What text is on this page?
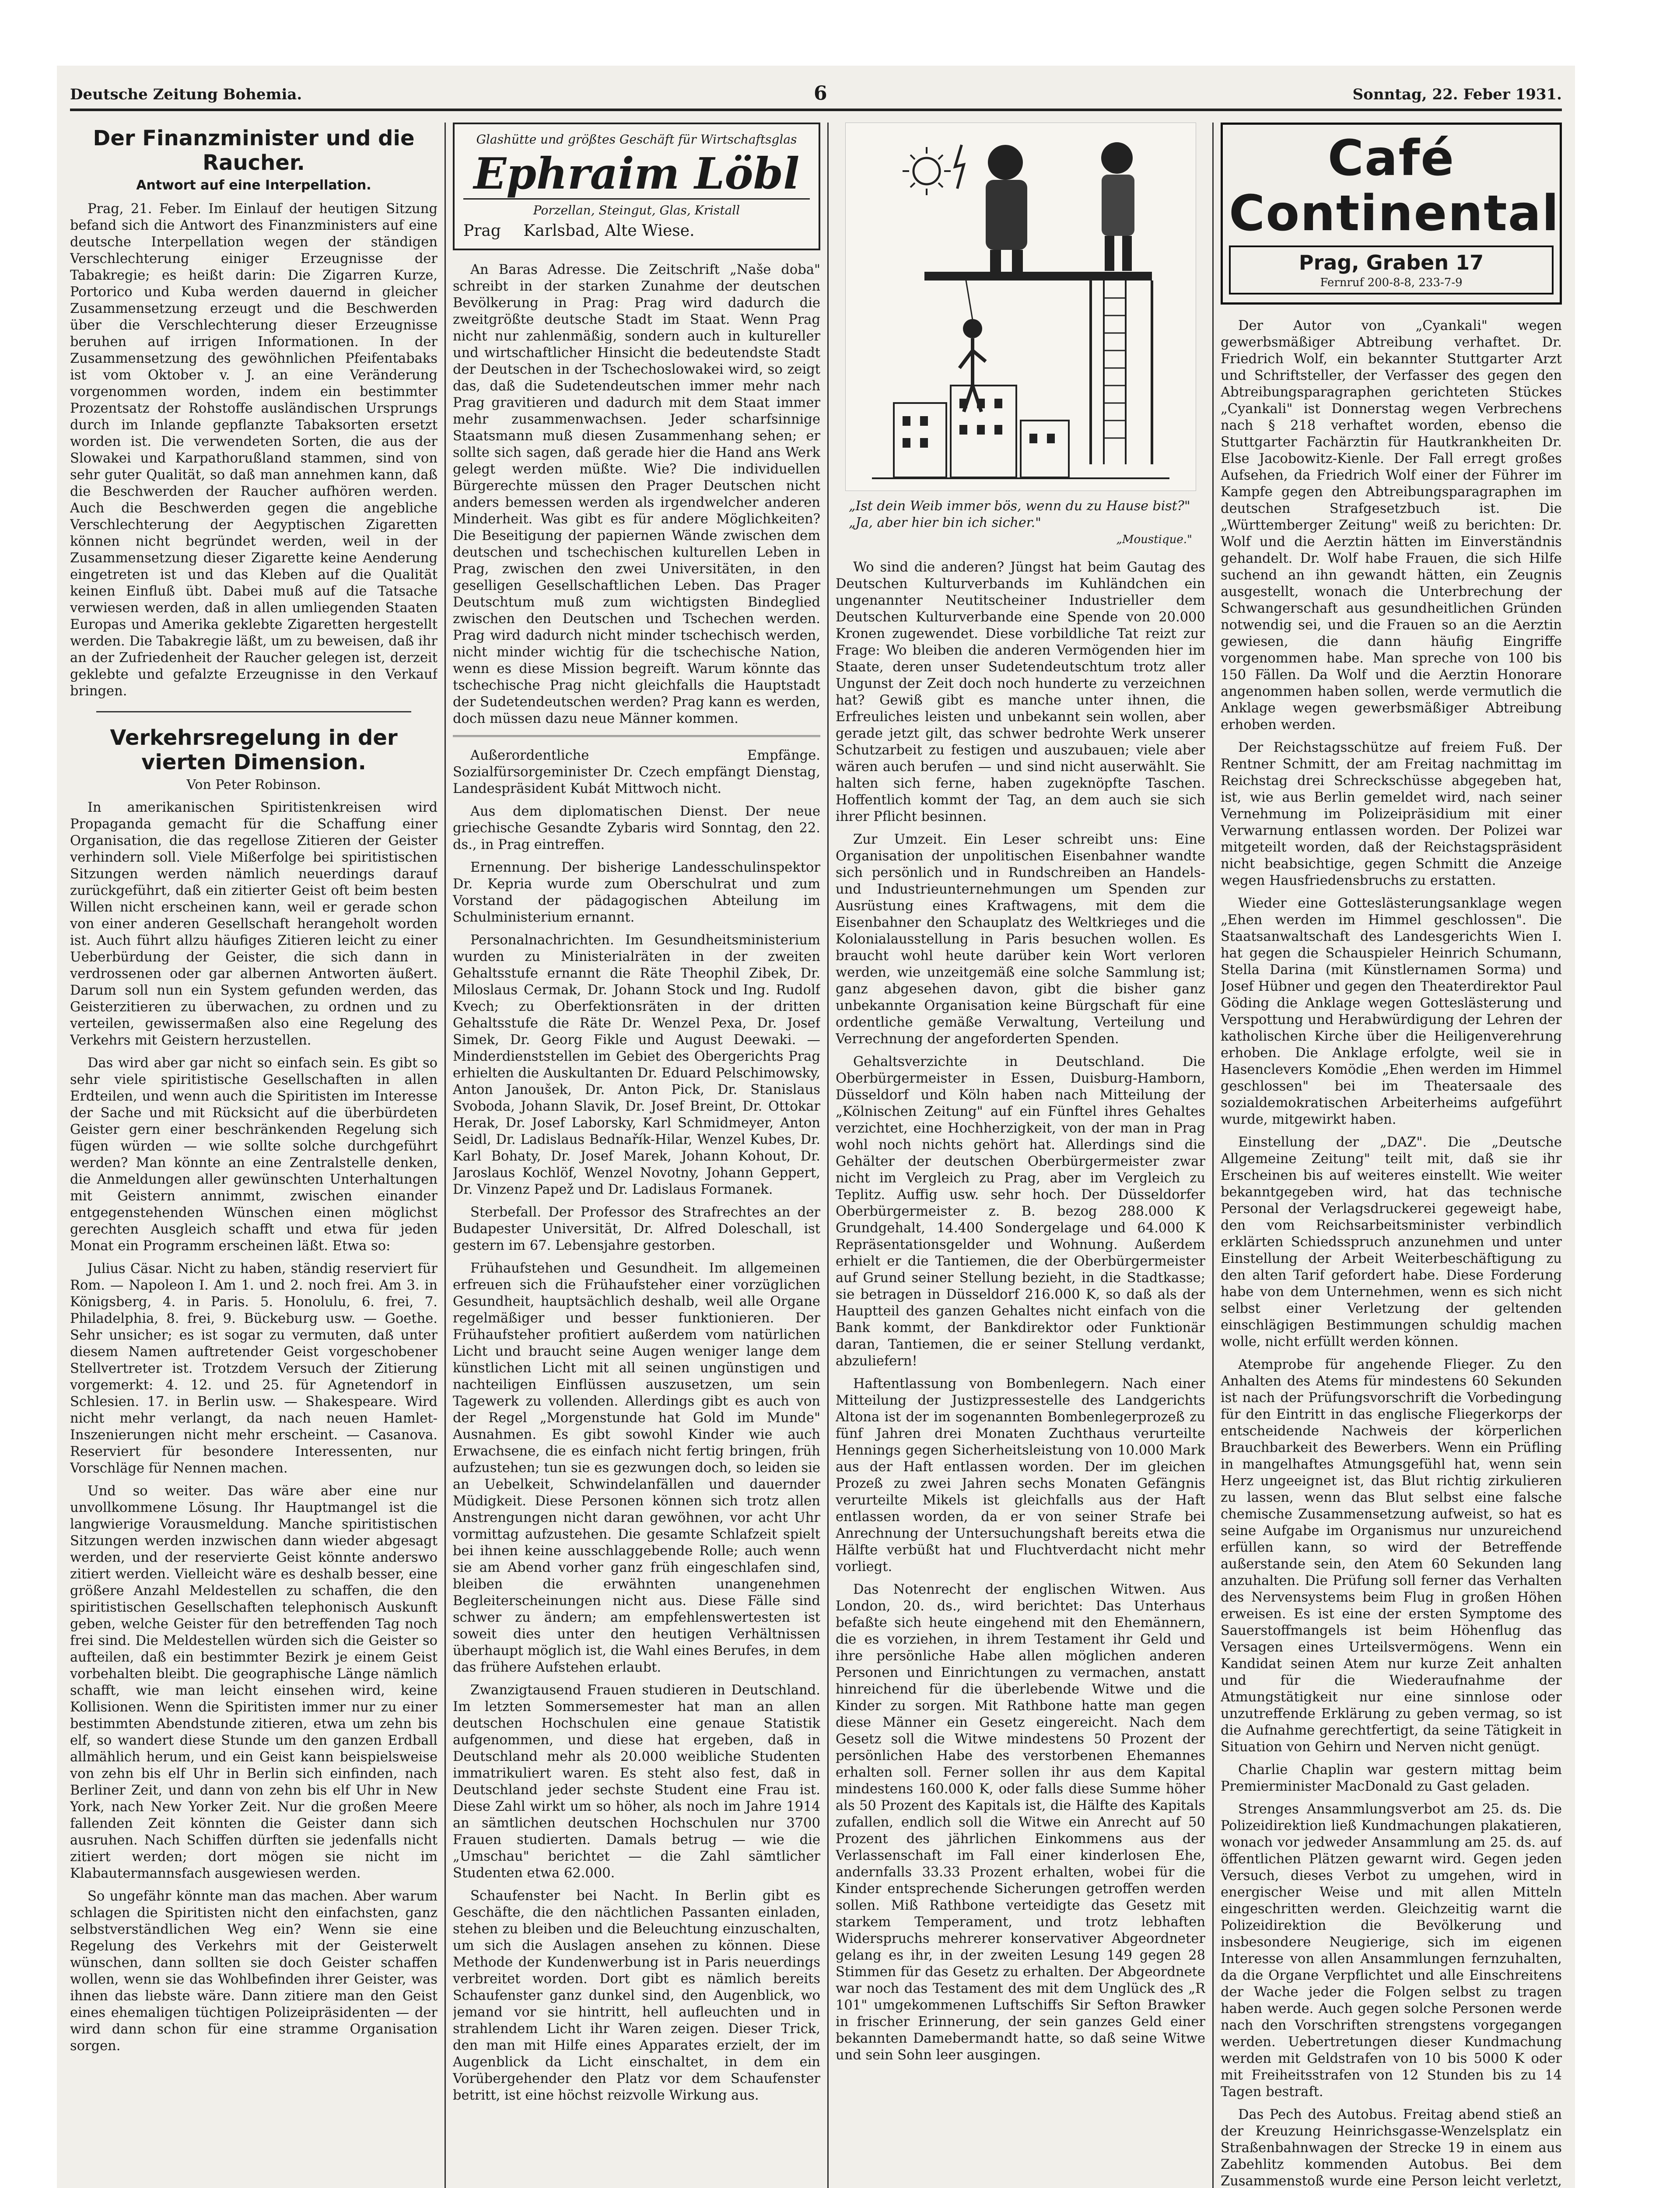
Deutsche Zeitung Bohemia.	6	Sonntag, 22. Feber 1931.
Der Finanzminister und die Raucher.
Antwort auf eine Interpellation.

Prag, 21. Feber. Im Einlauf der heutigen Sitzung befand sich die Antwort des Finanzministers auf eine deutsche Interpellation wegen der ständigen Verschlechterung einiger Erzeugnisse der Tabakregie; es heißt darin: Die Zigarren Kurze, Portorico und Kuba werden dauernd in gleicher Zusammensetzung erzeugt und die Beschwerden über die Verschlechterung dieser Erzeugnisse beruhen auf irrigen Informationen. In der Zusammensetzung des gewöhnlichen Pfeifentabaks ist vom Oktober v. J. an eine Veränderung vorgenommen worden, indem ein bestimmter Prozentsatz der Rohstoffe ausländischen Ursprungs durch im Inlande gepflanzte Tabaksorten ersetzt worden ist. Die verwendeten Sorten, die aus der Slowakei und Karpathorußland stammen, sind von sehr guter Qualität, so daß man annehmen kann, daß die Beschwerden der Raucher aufhören werden. Auch die Beschwerden gegen die angebliche Verschlechterung der Aegyptischen Zigaretten können nicht begründet werden, weil in der Zusammensetzung dieser Zigarette keine Aenderung eingetreten ist und das Kleben auf die Qualität keinen Einfluß übt. Dabei muß auf die Tatsache verwiesen werden, daß in allen umliegenden Staaten Europas und Amerika geklebte Zigaretten hergestellt werden. Die Tabakregie läßt, um zu beweisen, daß ihr an der Zufriedenheit der Raucher gelegen ist, derzeit geklebte und gefalzte Erzeugnisse in den Verkauf bringen.

Verkehrsregelung in der vierten Dimension.
Von Peter Robinson.

In amerikanischen Spiritistenkreisen wird Propaganda gemacht für die Schaffung einer Organisation, die das regellose Zitieren der Geister verhindern soll. Viele Mißerfolge bei spiritistischen Sitzungen werden nämlich neuerdings darauf zurückgeführt, daß ein zitierter Geist oft beim besten Willen nicht erscheinen kann, weil er gerade schon von einer anderen Gesellschaft herangeholt worden ist. Auch führt allzu häufiges Zitieren leicht zu einer Ueberbürdung der Geister, die sich dann in verdrossenen oder gar albernen Antworten äußert. Darum soll nun ein System gefunden werden, das Geisterzitieren zu überwachen, zu ordnen und zu verteilen, gewissermaßen also eine Regelung des Verkehrs mit Geistern herzustellen.

Das wird aber gar nicht so einfach sein. Es gibt so sehr viele spiritistische Gesellschaften in allen Erdteilen, und wenn auch die Spiritisten im Interesse der Sache und mit Rücksicht auf die überbürdeten Geister gern einer beschränkenden Regelung sich fügen würden — wie sollte solche durchgeführt werden? Man könnte an eine Zentralstelle denken, die Anmeldungen aller gewünschten Unterhaltungen mit Geistern annimmt, zwischen einander entgegenstehenden Wünschen einen möglichst gerechten Ausgleich schafft und etwa für jeden Monat ein Programm erscheinen läßt. Etwa so:

Julius Cäsar. Nicht zu haben, ständig reserviert für Rom. — Napoleon I. Am 1. und 2. noch frei. Am 3. in Königsberg, 4. in Paris. 5. Honolulu, 6. frei, 7. Philadelphia, 8. frei, 9. Bückeburg usw. — Goethe. Sehr unsicher; es ist sogar zu vermuten, daß unter diesem Namen auftretender Geist vorgeschobener Stellvertreter ist. Trotzdem Versuch der Zitierung vorgemerkt: 4. 12. und 25. für Agnetendorf in Schlesien. 17. in Berlin usw. — Shakespeare. Wird nicht mehr verlangt, da nach neuen Hamlet-Inszenierungen nicht mehr erscheint. — Casanova. Reserviert für besondere Interessenten, nur Vorschläge für Nennen machen.

Und so weiter. Das wäre aber eine nur unvollkommene Lösung. Ihr Hauptmangel ist die langwierige Vorausmeldung. Manche spiritistischen Sitzungen werden inzwischen dann wieder abgesagt werden, und der reservierte Geist könnte anderswo zitiert werden. Vielleicht wäre es deshalb besser, eine größere Anzahl Meldestellen zu schaffen, die den spiritistischen Gesellschaften telephonisch Auskunft geben, welche Geister für den betreffenden Tag noch frei sind. Die Meldestellen würden sich die Geister so aufteilen, daß ein bestimmter Bezirk je einem Geist vorbehalten bleibt. Die geographische Länge nämlich schafft, wie man leicht einsehen wird, keine Kollisionen. Wenn die Spiritisten immer nur zu einer bestimmten Abendstunde zitieren, etwa um zehn bis elf, so wandert diese Stunde um den ganzen Erdball allmählich herum, und ein Geist kann beispielsweise von zehn bis elf Uhr in Berlin sich einfinden, nach Berliner Zeit, und dann von zehn bis elf Uhr in New York, nach New Yorker Zeit. Nur die großen Meere fallenden Zeit könnten die Geister dann sich ausruhen. Nach Schiffen dürften sie jedenfalls nicht zitiert werden; dort mögen sie nicht im Klabautermannsfach ausgewiesen werden.

So ungefähr könnte man das machen. Aber warum schlagen die Spiritisten nicht den einfachsten, ganz selbstverständlichen Weg ein? Wenn sie eine Regelung des Verkehrs mit der Geisterwelt wünschen, dann sollten sie doch Geister schaffen wollen, wenn sie das Wohlbefinden ihrer Geister, was ihnen das liebste wäre. Dann zitiere man den Geist eines ehemaligen tüchtigen Polizeipräsidenten — der wird dann schon für eine stramme Organisation sorgen.

Glashütte und größtes Geschäft für Wirtschaftsglas
Ephraim Löbl
Porzellan, Steingut, Glas, Kristall
Prag Karlsbad, Alte Wiese.

An Baras Adresse. Die Zeitschrift „Naše doba" schreibt in der starken Zunahme der deutschen Bevölkerung in Prag: Prag wird dadurch die zweitgrößte deutsche Stadt im Staat. Wenn Prag nicht nur zahlenmäßig, sondern auch in kultureller und wirtschaftlicher Hinsicht die bedeutendste Stadt der Deutschen in der Tschechoslowakei wird, so zeigt das, daß die Sudetendeutschen immer mehr nach Prag gravitieren und dadurch mit dem Staat immer mehr zusammenwachsen. Jeder scharfsinnige Staatsmann muß diesen Zusammenhang sehen; er sollte sich sagen, daß gerade hier die Hand ans Werk gelegt werden müßte. Wie? Die individuellen Bürgerechte müssen den Prager Deutschen nicht anders bemessen werden als irgendwelcher anderen Minderheit. Was gibt es für andere Möglichkeiten? Die Beseitigung der papiernen Wände zwischen dem deutschen und tschechischen kulturellen Leben in Prag, zwischen den zwei Universitäten, in den geselligen Gesellschaftlichen Leben. Das Prager Deutschtum muß zum wichtigsten Bindeglied zwischen den Deutschen und Tschechen werden. Prag wird dadurch nicht minder tschechisch werden, nicht minder wichtig für die tschechische Nation, wenn es diese Mission begreift. Warum könnte das tschechische Prag nicht gleichfalls die Hauptstadt der Sudetendeutschen werden? Prag kann es werden, doch müssen dazu neue Männer kommen.

Außerordentliche Empfänge. Sozialfürsorgeminister Dr. Czech empfängt Dienstag, Landespräsident Kubát Mittwoch nicht.

Aus dem diplomatischen Dienst. Der neue griechische Gesandte Zybaris wird Sonntag, den 22. ds., in Prag eintreffen.

Ernennung. Der bisherige Landesschulinspektor Dr. Kepria wurde zum Oberschulrat und zum Vorstand der pädagogischen Abteilung im Schulministerium ernannt.

Personalnachrichten. Im Gesundheitsministerium wurden zu Ministerialräten in der zweiten Gehaltsstufe ernannt die Räte Theophil Zibek, Dr. Miloslaus Cermak, Dr. Johann Stock und Ing. Rudolf Kvech; zu Oberfektionsräten in der dritten Gehaltsstufe die Räte Dr. Wenzel Pexa, Dr. Josef Simek, Dr. Georg Fikle und August Deewaki. — Minderdienststellen im Gebiet des Obergerichts Prag erhielten die Auskultanten Dr. Eduard Pelschimowsky, Anton Janoušek, Dr. Anton Pick, Dr. Stanislaus Svoboda, Johann Slavik, Dr. Josef Breint, Dr. Ottokar Herak, Dr. Josef Laborsky, Karl Schmidmeyer, Anton Seidl, Dr. Ladislaus Bednařík-Hilar, Wenzel Kubes, Dr. Karl Bohaty, Dr. Josef Marek, Johann Kohout, Dr. Jaroslaus Kochlöf, Wenzel Novotny, Johann Geppert, Dr. Vinzenz Papež und Dr. Ladislaus Formanek.

Sterbefall. Der Professor des Strafrechtes an der Budapester Universität, Dr. Alfred Doleschall, ist gestern im 67. Lebensjahre gestorben.

Frühaufstehen und Gesundheit. Im allgemeinen erfreuen sich die Frühaufsteher einer vorzüglichen Gesundheit, hauptsächlich deshalb, weil alle Organe regelmäßiger und besser funktionieren. Der Frühaufsteher profitiert außerdem vom natürlichen Licht und braucht seine Augen weniger lange dem künstlichen Licht mit all seinen ungünstigen und nachteiligen Einflüssen auszusetzen, um sein Tagewerk zu vollenden. Allerdings gibt es auch von der Regel „Morgenstunde hat Gold im Munde" Ausnahmen. Es gibt sowohl Kinder wie auch Erwachsene, die es einfach nicht fertig bringen, früh aufzustehen; tun sie es gezwungen doch, so leiden sie an Uebelkeit, Schwindelanfällen und dauernder Müdigkeit. Diese Personen können sich trotz allen Anstrengungen nicht daran gewöhnen, vor acht Uhr vormittag aufzustehen. Die gesamte Schlafzeit spielt bei ihnen keine ausschlaggebende Rolle; auch wenn sie am Abend vorher ganz früh eingeschlafen sind, bleiben die erwähnten unangenehmen Begleiterscheinungen nicht aus. Diese Fälle sind schwer zu ändern; am empfehlenswertesten ist soweit dies unter den heutigen Verhältnissen überhaupt möglich ist, die Wahl eines Berufes, in dem das frühere Aufstehen erlaubt.

Zwanzigtausend Frauen studieren in Deutschland. Im letzten Sommersemester hat man an allen deutschen Hochschulen eine genaue Statistik aufgenommen, und diese hat ergeben, daß in Deutschland mehr als 20.000 weibliche Studenten immatrikuliert waren. Es steht also fest, daß in Deutschland jeder sechste Student eine Frau ist. Diese Zahl wirkt um so höher, als noch im Jahre 1914 an sämtlichen deutschen Hochschulen nur 3700 Frauen studierten. Damals betrug — wie die „Umschau" berichtet — die Zahl sämtlicher Studenten etwa 62.000.

Schaufenster bei Nacht. In Berlin gibt es Geschäfte, die den nächtlichen Passanten einladen, stehen zu bleiben und die Beleuchtung einzuschalten, um sich die Auslagen ansehen zu können. Diese Methode der Kundenwerbung ist in Paris neuerdings verbreitet worden. Dort gibt es nämlich bereits Schaufenster ganz dunkel sind, den Augenblick, wo jemand vor sie hintritt, hell aufleuchten und in strahlendem Licht ihr Waren zeigen. Dieser Trick, den man mit Hilfe eines Apparates erzielt, der im Augenblick da Licht einschaltet, in dem ein Vorübergehender den Platz vor dem Schaufenster betritt, ist eine höchst reizvolle Wirkung aus.

„Ist dein Weib immer bös, wenn du zu Hause bist?" „Ja, aber hier bin ich sicher."
„Moustique."

Wo sind die anderen? Jüngst hat beim Gautag des Deutschen Kulturverbands im Kuhländchen ein ungenannter Neutitscheiner Industrieller dem Deutschen Kulturverbande eine Spende von 20.000 Kronen zugewendet. Diese vorbildliche Tat reizt zur Frage: Wo bleiben die anderen Vermögenden hier im Staate, deren unser Sudetendeutschtum trotz aller Ungunst der Zeit doch noch hunderte zu verzeichnen hat? Gewiß gibt es manche unter ihnen, die Erfreuliches leisten und unbekannt sein wollen, aber gerade jetzt gilt, das schwer bedrohte Werk unserer Schutzarbeit zu festigen und auszubauen; viele aber wären auch berufen — und sind nicht auserwählt. Sie halten sich ferne, haben zugeknöpfte Taschen. Hoffentlich kommt der Tag, an dem auch sie sich ihrer Pflicht besinnen.

Zur Umzeit. Ein Leser schreibt uns: Eine Organisation der unpolitischen Eisenbahner wandte sich persönlich und in Rundschreiben an Handels- und Industrieunternehmungen um Spenden zur Ausrüstung eines Kraftwagens, mit dem die Eisenbahner den Schauplatz des Weltkrieges und die Kolonialausstellung in Paris besuchen wollen. Es braucht wohl heute darüber kein Wort verloren werden, wie unzeitgemäß eine solche Sammlung ist; ganz abgesehen davon, gibt die bisher ganz unbekannte Organisation keine Bürgschaft für eine ordentliche gemäße Verwaltung, Verteilung und Verrechnung der angeforderten Spenden.

Gehaltsverzichte in Deutschland. Die Oberbürgermeister in Essen, Duisburg-Hamborn, Düsseldorf und Köln haben nach Mitteilung der „Kölnischen Zeitung" auf ein Fünftel ihres Gehaltes verzichtet, eine Hochherzigkeit, von der man in Prag wohl noch nichts gehört hat. Allerdings sind die Gehälter der deutschen Oberbürgermeister zwar nicht im Vergleich zu Prag, aber im Vergleich zu Teplitz. Auffig usw. sehr hoch. Der Düsseldorfer Oberbürgermeister z. B. bezog 288.000 K Grundgehalt, 14.400 Sondergelage und 64.000 K Repräsentationsgelder und Wohnung. Außerdem erhielt er die Tantiemen, die der Oberbürgermeister auf Grund seiner Stellung bezieht, in die Stadtkasse; sie betragen in Düsseldorf 216.000 K, so daß als der Hauptteil des ganzen Gehaltes nicht einfach von die Bank kommt, der Bankdirektor oder Funktionär daran, Tantiemen, die er seiner Stellung verdankt, abzuliefern!

Haftentlassung von Bombenlegern. Nach einer Mitteilung der Justizpressestelle des Landgerichts Altona ist der im sogenannten Bombenlegerprozeß zu fünf Jahren drei Monaten Zuchthaus verurteilte Hennings gegen Sicherheitsleistung von 10.000 Mark aus der Haft entlassen worden. Der im gleichen Prozeß zu zwei Jahren sechs Monaten Gefängnis verurteilte Mikels ist gleichfalls aus der Haft entlassen worden, da er von seiner Strafe bei Anrechnung der Untersuchungshaft bereits etwa die Hälfte verbüßt hat und Fluchtverdacht nicht mehr vorliegt.

Das Notenrecht der englischen Witwen. Aus London, 20. ds., wird berichtet: Das Unterhaus befaßte sich heute eingehend mit den Ehemännern, die es vorziehen, in ihrem Testament ihr Geld und ihre persönliche Habe allen möglichen anderen Personen und Einrichtungen zu vermachen, anstatt hinreichend für die überlebende Witwe und die Kinder zu sorgen. Mit Rathbone hatte man gegen diese Männer ein Gesetz eingereicht. Nach dem Gesetz soll die Witwe mindestens 50 Prozent der persönlichen Habe des verstorbenen Ehemannes erhalten soll. Ferner sollen ihr aus dem Kapital mindestens 160.000 K, oder falls diese Summe höher als 50 Prozent des Kapitals ist, die Hälfte des Kapitals zufallen, endlich soll die Witwe ein Anrecht auf 50 Prozent des jährlichen Einkommens aus der Verlassenschaft im Fall einer kinderlosen Ehe, andernfalls 33.33 Prozent erhalten, wobei für die Kinder entsprechende Sicherungen getroffen werden sollen. Miß Rathbone verteidigte das Gesetz mit starkem Temperament, und trotz lebhaften Widerspruchs mehrerer konservativer Abgeordneter gelang es ihr, in der zweiten Lesung 149 gegen 28 Stimmen für das Gesetz zu erhalten. Der Abgeordnete war noch das Testament des mit dem Unglück des „R 101" umgekommenen Luftschiffs Sir Sefton Brawker in frischer Erinnerung, der sein ganzes Geld einer bekannten Damebermandt hatte, so daß seine Witwe und sein Sohn leer ausgingen.

Café Continental
Prag, Graben 17
Fernruf 200-8-8, 233-7-9

Der Autor von „Cyankali" wegen gewerbsmäßiger Abtreibung verhaftet. Dr. Friedrich Wolf, ein bekannter Stuttgarter Arzt und Schriftsteller, der Verfasser des gegen den Abtreibungsparagraphen gerichteten Stückes „Cyankali" ist Donnerstag wegen Verbrechens nach § 218 verhaftet worden, ebenso die Stuttgarter Fachärztin für Hautkrankheiten Dr. Else Jacobowitz-Kienle. Der Fall erregt großes Aufsehen, da Friedrich Wolf einer der Führer im Kampfe gegen den Abtreibungsparagraphen im deutschen Strafgesetzbuch ist. Die „Württemberger Zeitung" weiß zu berichten: Dr. Wolf und die Aerztin hätten im Einverständnis gehandelt. Dr. Wolf habe Frauen, die sich Hilfe suchend an ihn gewandt hätten, ein Zeugnis ausgestellt, wonach die Unterbrechung der Schwangerschaft aus gesundheitlichen Gründen notwendig sei, und die Frauen so an die Aerztin gewiesen, die dann häufig Eingriffe vorgenommen habe. Man spreche von 100 bis 150 Fällen. Da Wolf und die Aerztin Honorare angenommen haben sollen, werde vermutlich die Anklage wegen gewerbsmäßiger Abtreibung erhoben werden.

Der Reichstagsschütze auf freiem Fuß. Der Rentner Schmitt, der am Freitag nachmittag im Reichstag drei Schreckschüsse abgegeben hat, ist, wie aus Berlin gemeldet wird, nach seiner Vernehmung im Polizeipräsidium mit einer Verwarnung entlassen worden. Der Polizei war mitgeteilt worden, daß der Reichstagspräsident nicht beabsichtige, gegen Schmitt die Anzeige wegen Hausfriedensbruchs zu erstatten.

Wieder eine Gotteslästerungsanklage wegen „Ehen werden im Himmel geschlossen". Die Staatsanwaltschaft des Landesgerichts Wien I. hat gegen die Schauspieler Heinrich Schumann, Stella Darina (mit Künstlernamen Sorma) und Josef Hübner und gegen den Theaterdirektor Paul Göding die Anklage wegen Gotteslästerung und Verspottung und Herabwürdigung der Lehren der katholischen Kirche über die Heiligenverehrung erhoben. Die Anklage erfolgte, weil sie in Hasenclevers Komödie „Ehen werden im Himmel geschlossen" bei im Theatersaale des sozialdemokratischen Arbeiterheims aufgeführt wurde, mitgewirkt haben.

Einstellung der „DAZ". Die „Deutsche Allgemeine Zeitung" teilt mit, daß sie ihr Erscheinen bis auf weiteres einstellt. Wie weiter bekanntgegeben wird, hat das technische Personal der Verlagsdruckerei gegeweigt habe, den vom Reichsarbeitsminister verbindlich erklärten Schiedsspruch anzunehmen und unter Einstellung der Arbeit Weiterbeschäftigung zu den alten Tarif gefordert habe. Diese Forderung habe von dem Unternehmen, wenn es sich nicht selbst einer Verletzung der geltenden einschlägigen Bestimmungen schuldig machen wolle, nicht erfüllt werden können.

Atemprobe für angehende Flieger. Zu den Anhalten des Atems für mindestens 60 Sekunden ist nach der Prüfungsvorschrift die Vorbedingung für den Eintritt in das englische Fliegerkorps der entscheidende Nachweis der körperlichen Brauchbarkeit des Bewerbers. Wenn ein Prüfling in mangelhaftes Atmungsgefühl hat, wenn sein Herz ungeeignet ist, das Blut richtig zirkulieren zu lassen, wenn das Blut selbst eine falsche chemische Zusammensetzung aufweist, so hat es seine Aufgabe im Organismus nur unzureichend erfüllen kann, so wird der Betreffende außerstande sein, den Atem 60 Sekunden lang anzuhalten. Die Prüfung soll ferner das Verhalten des Nervensystems beim Flug in großen Höhen erweisen. Es ist eine der ersten Symptome des Sauerstoffmangels ist beim Höhenflug das Versagen eines Urteilsvermögens. Wenn ein Kandidat seinen Atem nur kurze Zeit anhalten und für die Wiederaufnahme der Atmungstätigkeit nur eine sinnlose oder unzutreffende Erklärung zu geben vermag, so ist die Aufnahme gerechtfertigt, da seine Tätigkeit in Situation von Gehirn und Nerven nicht genügt.

Charlie Chaplin war gestern mittag beim Premierminister MacDonald zu Gast geladen.

Strenges Ansammlungsverbot am 25. ds. Die Polizeidirektion ließ Kundmachungen plakatieren, wonach vor jedweder Ansammlung am 25. ds. auf öffentlichen Plätzen gewarnt wird. Gegen jeden Versuch, dieses Verbot zu umgehen, wird in energischer Weise und mit allen Mitteln eingeschritten werden. Gleichzeitig warnt die Polizeidirektion die Bevölkerung und insbesondere Neugierige, sich im eigenen Interesse von allen Ansammlungen fernzuhalten, da die Organe Verpflichtet und alle Einschreitens der Wache jeder die Folgen selbst zu tragen haben werde. Auch gegen solche Personen werde nach den Vorschriften strengstens vorgegangen werden. Uebertretungen dieser Kundmachung werden mit Geldstrafen von 10 bis 5000 K oder mit Freiheitsstrafen von 12 Stunden bis zu 14 Tagen bestraft.

Das Pech des Autobus. Freitag abend stieß an der Kreuzung Heinrichsgasse-Wenzelsplatz ein Straßenbahnwagen der Strecke 19 in einem aus Zabehlitz kommenden Autobus. Bei dem Zusammenstoß wurde eine Person leicht verletzt,
